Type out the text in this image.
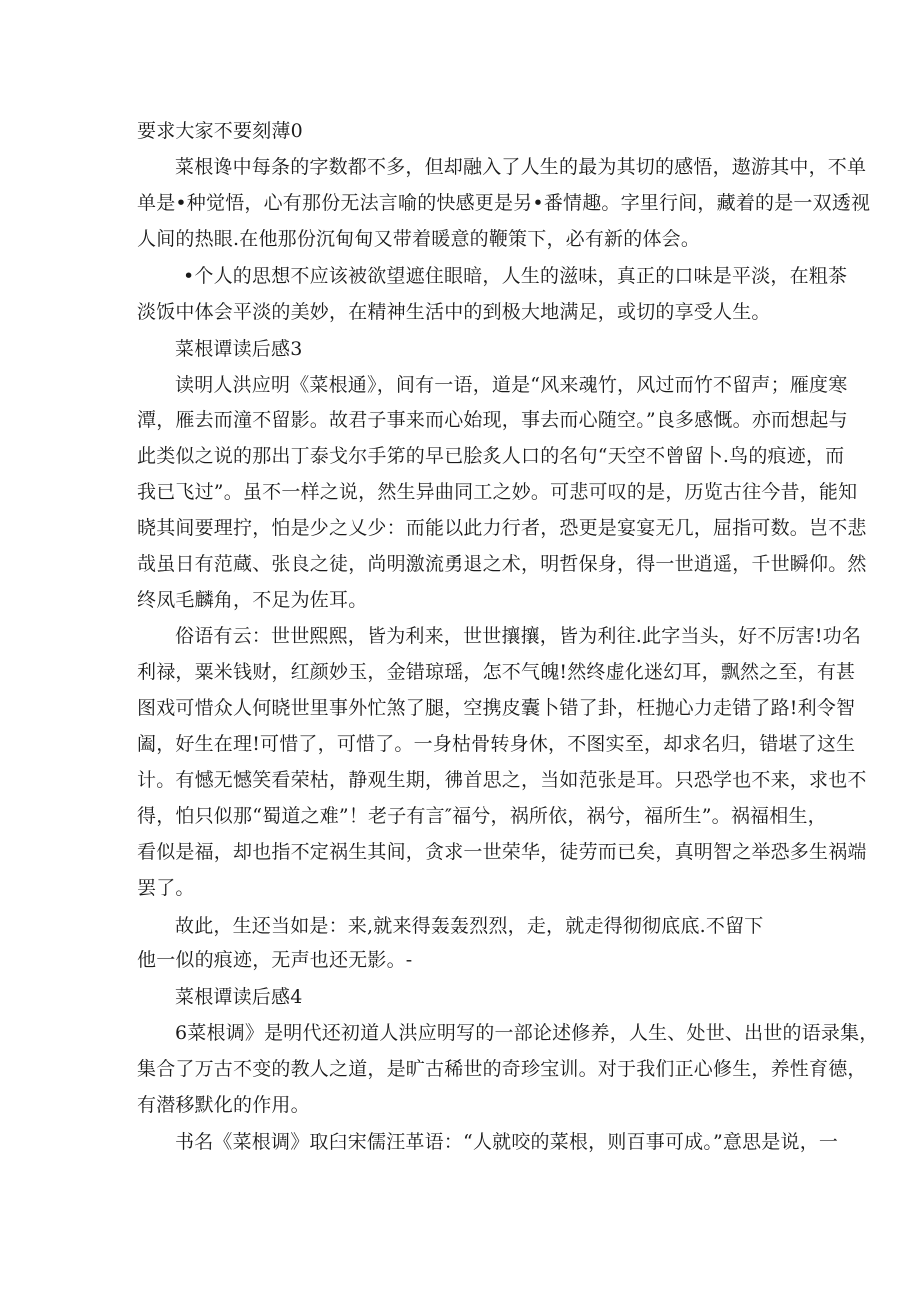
要求大家不要刻薄0
菜根谗中每条的字数都不多，但却融入了人生的最为其切的感悟，遨游其中，不单
单是•种觉悟，心有那份无法言喻的快感更是另•番情趣。字里行间，藏着的是一双透视
人间的热眼.在他那份沉甸甸又带着暖意的鞭策下，必有新的体会。
•个人的思想不应该被欲望遮住眼暗，人生的滋味，真正的口味是平淡，在粗茶
淡饭中体会平淡的美妙，在精神生活中的到极大地满足，或切的享受人生。
菜根谭读后感3
读明人洪应明《菜根通》，间有一语，道是“风来魂竹，风过而竹不留声；雁度寒
潭，雁去而潼不留影。故君子事来而心始现，事去而心随空。”良多感慨。亦而想起与
此类似之说的那出丁泰戈尔手笫的早已脍炙人口的名句“天空不曾留卜.鸟的痕迹，而
我已飞过”。虽不一样之说，然生异曲同工之妙。可悲可叹的是，历览古往今昔，能知
晓其间要理拧，怕是少之乂少：而能以此力行者，恐更是宴宴无几，屈指可数。岂不悲
哉虽日有范蔵、张良之徒，尚明激流勇退之术，明哲保身，得一世逍遥，千世瞬仰。然
终凤毛麟角，不足为佐耳。
俗语有云：世世熙熙，皆为利来，世世攘攘，皆为利往.此字当头，好不厉害!功名
利禄，粟米钱财，红颜妙玉，金错琼瑶，怎不气魄!然终虚化迷幻耳，飘然之至，有甚
图戏可惜众人何晓世里事外忙煞了腿，空携皮囊卜错了卦，枉抛心力走错了路!利令智
阖，好生在理!可惜了，可惜了。一身枯骨转身休，不图实至，却求名归，错堪了这生
计。有憾无憾笑看荣枯，静观生期，彿首思之，当如范张是耳。只恐学也不来，求也不
得，怕只似那“蜀道之难”！老子有言″福兮，祸所依，祸兮，福所生”。祸福相生，
看似是福，却也指不定祸生其间，贪求一世荣华，徒劳而已矣，真明智之举恐多生祸端
罢了。
故此，生还当如是：来,就来得轰轰烈烈，走，就走得彻彻底底.不留下
他一似的痕迹，无声也还无影。-
菜根谭读后感4
6菜根调》是明代还初道人洪应明写的一部论述修养，人生、处世、出世的语录集，
集合了万古不变的教人之道，是旷古稀世的奇珍宝训。对于我们正心修生，养性育德，
有潜移默化的作用。
书名《菜根调》取臼宋儒汪革语：“人就咬的菜根，则百事可成。”意思是说，一
